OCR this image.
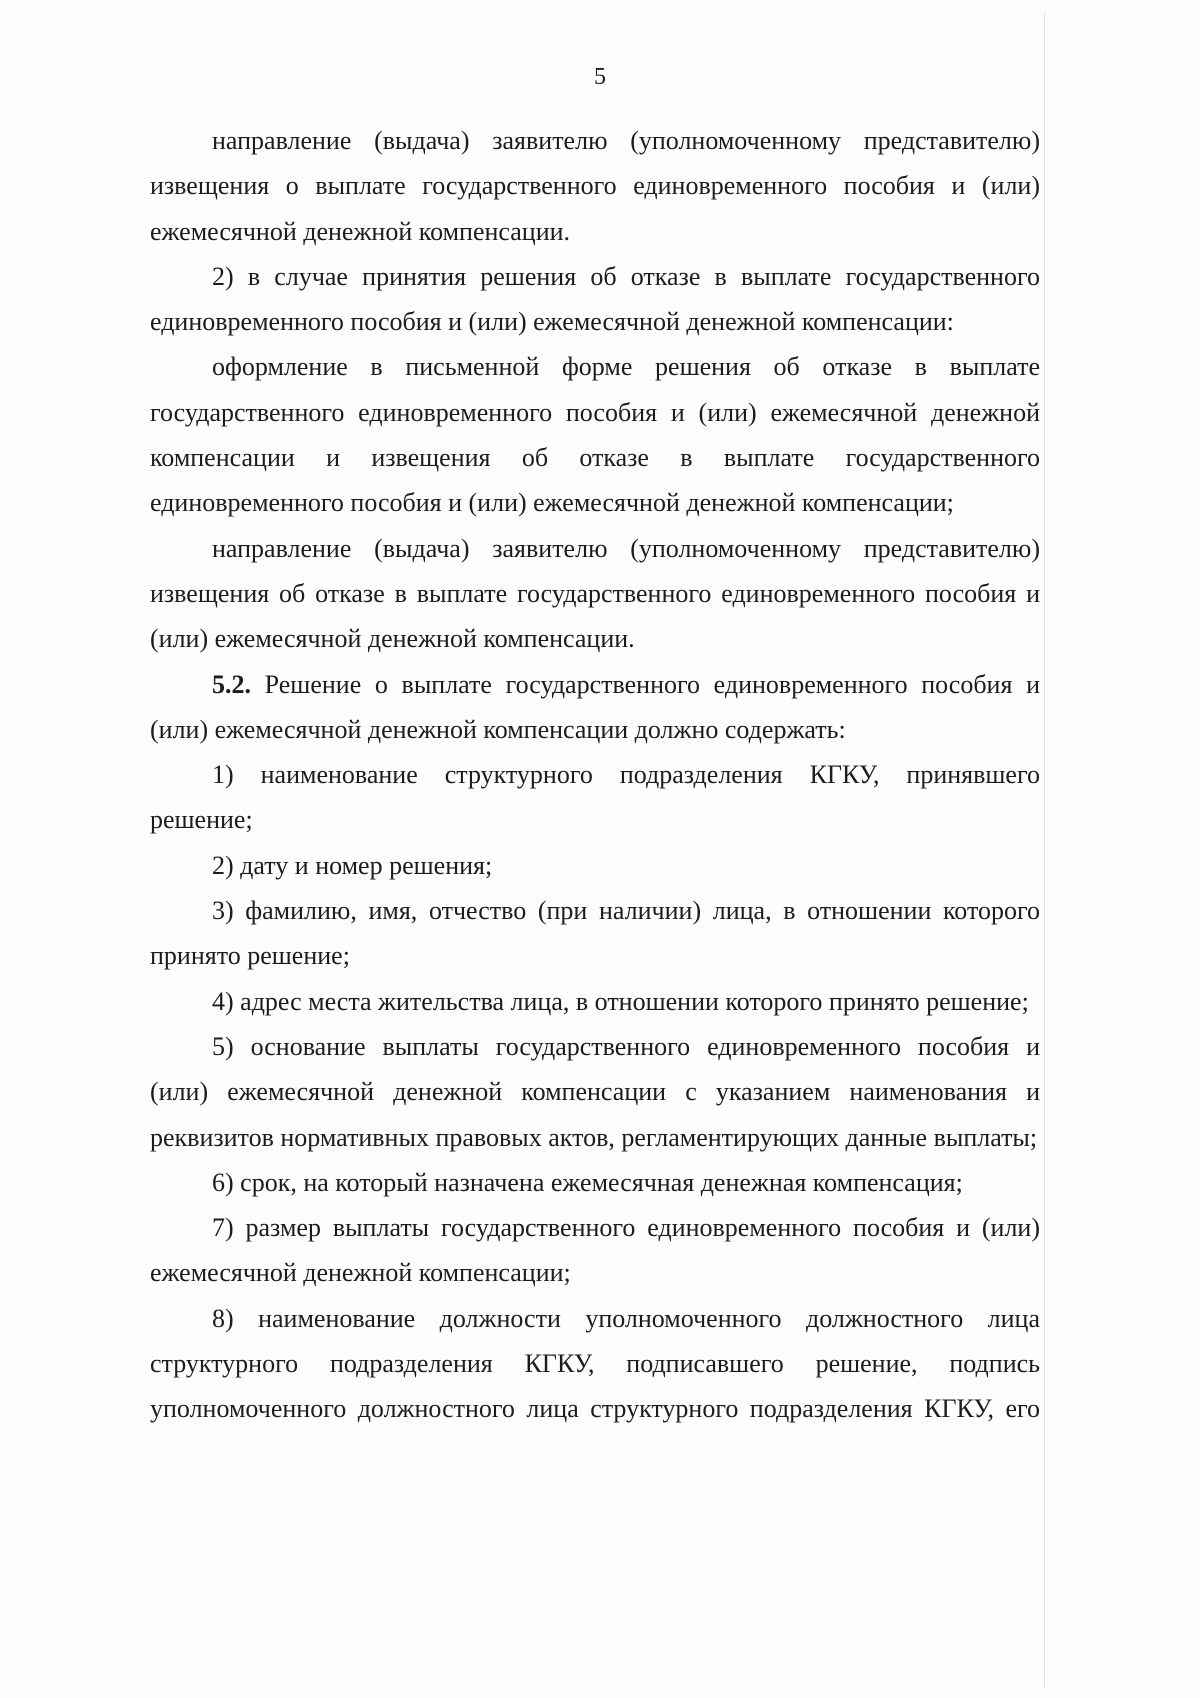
5

направление (выдача) заявителю (уполномоченному представителю) извещения о выплате государственного единовременного пособия и (или) ежемесячной денежной компенсации.

2) в случае принятия решения об отказе в выплате государственного единовременного пособия и (или) ежемесячной денежной компенсации:

оформление в письменной форме решения об отказе в выплате государственного единовременного пособия и (или) ежемесячной денежной компенсации и извещения об отказе в выплате государственного единовременного пособия и (или) ежемесячной денежной компенсации;

направление (выдача) заявителю (уполномоченному представителю) извещения об отказе в выплате государственного единовременного пособия и (или) ежемесячной денежной компенсации.

5.2. Решение о выплате государственного единовременного пособия и (или) ежемесячной денежной компенсации должно содержать:

1) наименование структурного подразделения КГКУ, принявшего решение;

2) дату и номер решения;

3) фамилию, имя, отчество (при наличии) лица, в отношении которого принято решение;

4) адрес места жительства лица, в отношении которого принято решение;

5) основание выплаты государственного единовременного пособия и (или) ежемесячной денежной компенсации с указанием наименования и реквизитов нормативных правовых актов, регламентирующих данные выплаты;

6) срок, на который назначена ежемесячная денежная компенсация;

7) размер выплаты государственного единовременного пособия и (или) ежемесячной денежной компенсации;

8) наименование должности уполномоченного должностного лица структурного подразделения КГКУ, подписавшего решение, подпись уполномоченного должностного лица структурного подразделения КГКУ, его
